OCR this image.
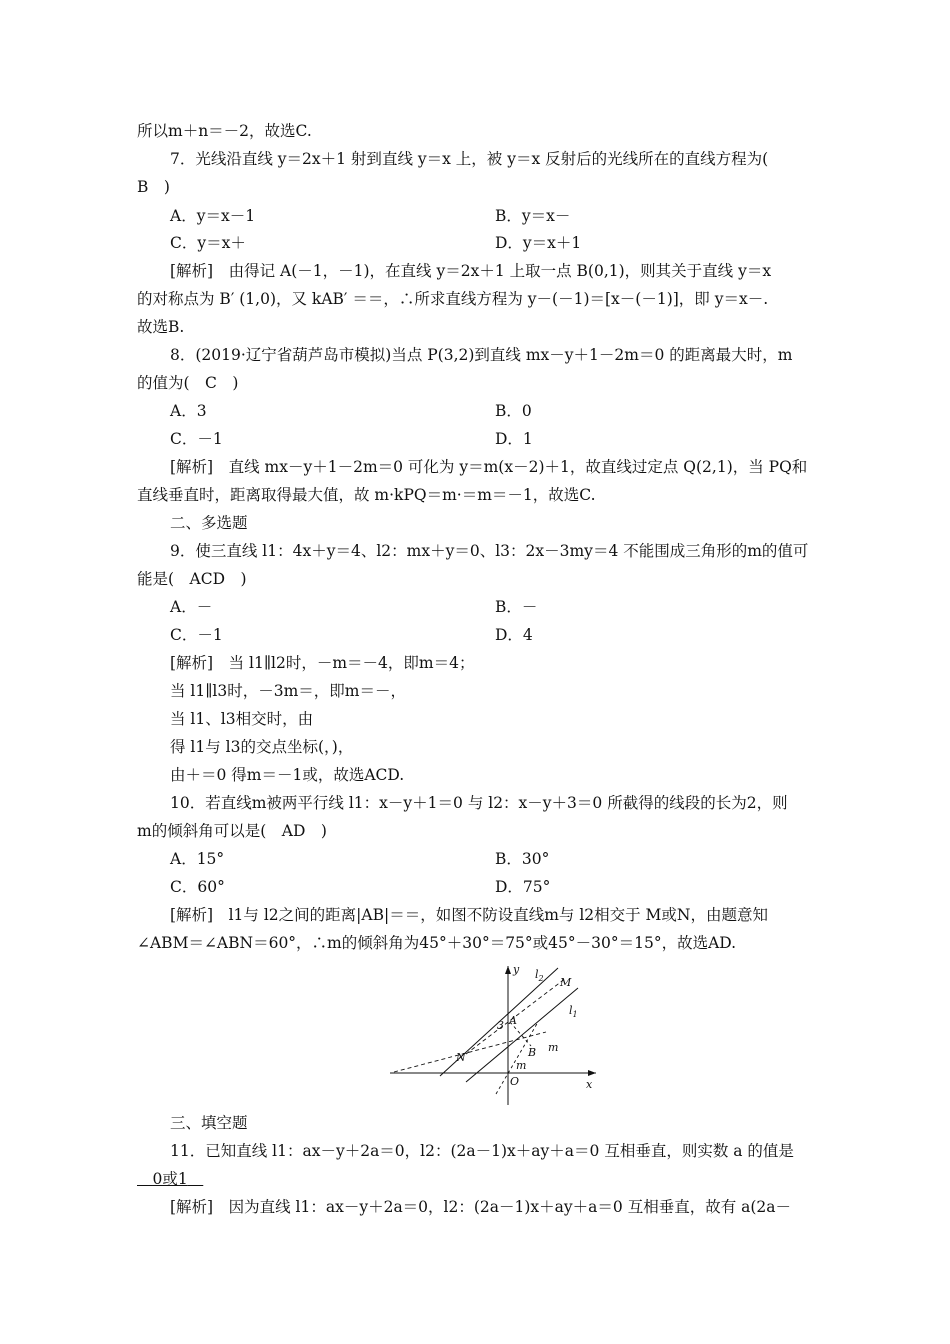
所以m＋n＝－2，故选C.
7．光线沿直线 y＝2x＋1 射到直线 y＝x 上，被 y＝x 反射后的光线所在的直线方程为(
B　)
A．y＝x－1	B．y＝x－
C．y＝x＋	D．y＝x＋1
[解析]　由得记 A(－1，－1)，在直线 y＝2x＋1 上取一点 B(0,1)，则其关于直线 y＝x
的对称点为 B′ (1,0)，又 kAB′ ＝＝，∴所求直线方程为 y－(－1)＝[x－(－1)]，即 y＝x－.
故选B.
8．(2019·辽宁省葫芦岛市模拟)当点 P(3,2)到直线 mx－y＋1－2m＝0 的距离最大时，m
的值为(　C　)
A．3	B．0
C．－1	D．1
[解析]　直线 mx－y＋1－2m＝0 可化为 y＝m(x－2)＋1，故直线过定点 Q(2,1)，当 PQ和
直线垂直时，距离取得最大值，故 m·kPQ＝m·＝m＝－1，故选C.
二、多选题
9．使三直线 l1：4x＋y＝4、l2：mx＋y＝0、l3：2x－3my＝4 不能围成三角形的m的值可
能是(　ACD　)
A．－	B．－
C．－1	D．4
[解析]　当 l1∥l2时，－m＝－4，即m＝4；
当 l1∥l3时，－3m＝，即m＝－，
当 l1、l3相交时，由
得 l1与 l3的交点坐标(，)，
由＋＝0 得m＝－1或，故选ACD.
10．若直线m被两平行线 l1：x－y＋1＝0 与 l2：x－y＋3＝0 所截得的线段的长为2，则
m的倾斜角可以是(　AD　)
A．15°	B．30°
C．60°	D．75°
[解析]　l1与 l2之间的距离|AB|＝＝，如图不防设直线m与 l2相交于 M或N，由题意知
∠ABM＝∠ABN＝60°，∴m的倾斜角为45°＋30°＝75°或45°－30°＝15°，故选AD.
y
x
3 A
B
M
N
O
m
m
$l_2$
$l_1$
三、填空题
11．已知直线 l1：ax－y＋2a＝0，l2：(2a－1)x＋ay＋a＝0 互相垂直，则实数 a 的值是
　0或1　
[解析]　因为直线 l1：ax－y＋2a＝0，l2：(2a－1)x＋ay＋a＝0 互相垂直，故有 a(2a－
